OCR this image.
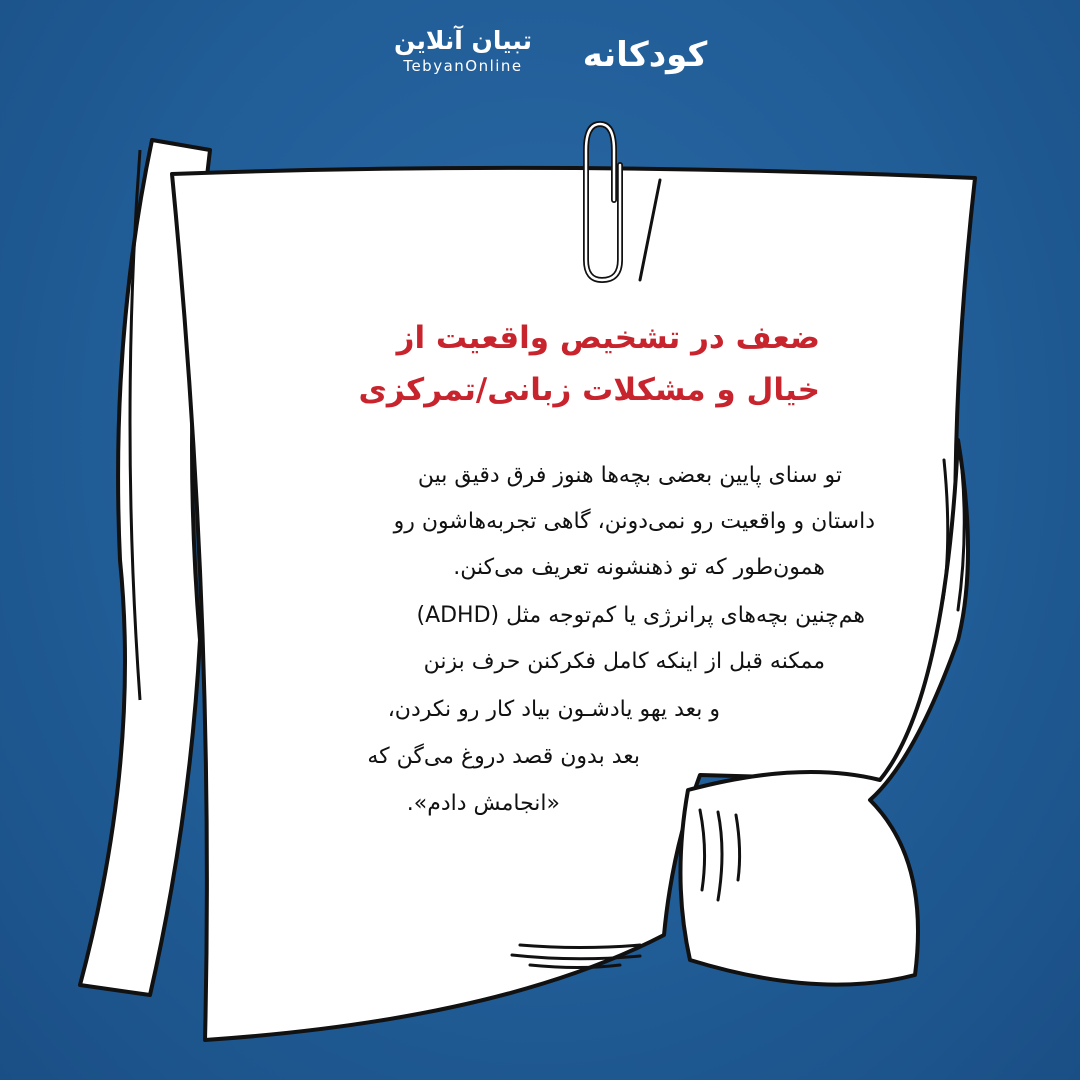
تبیان آنلاین
TebyanOnline	کودکانه
ضعف در تشخیص واقعیت از
خیال و مشکلات زبانی/تمرکزی
تو سنای پایین بعضی بچه‌ها هنوز فرق دقیق بین
داستان و واقعیت رو نمی‌دونن، گاهی تجربه‌هاشون رو
همون‌طور که تو ذهنشونه تعریف می‌کنن.
هم‌چنین بچه‌های پرانرژی یا کم‌توجه مثل (ADHD)
ممکنه قبل از اینکه کامل فکرکنن حرف بزنن
و بعد یهو یادشـون بیاد کار رو نکردن،
بعد بدون قصد دروغ می‌گن که
«انجامش دادم».
